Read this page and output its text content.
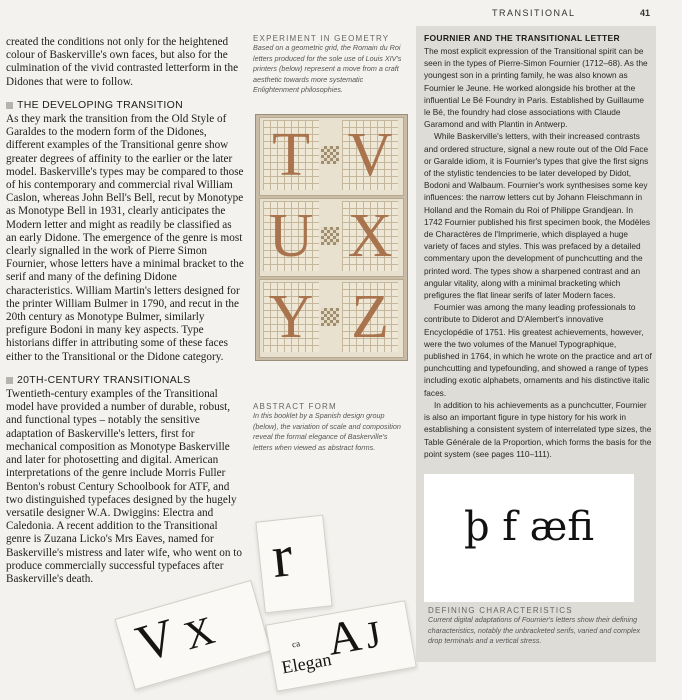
TRANSITIONAL	41

created the conditions not only for the heightened colour of Baskerville's own faces, but also for the culmination of the vivid contrasted letterform in the Didones that were to follow.

THE DEVELOPING TRANSITION

As they mark the transition from the Old Style of Garaldes to the modern form of the Didones, different examples of the Transitional genre show greater degrees of affinity to the earlier or the later model. Baskerville's types may be compared to those of his contemporary and commercial rival William Caslon, whereas John Bell's Bell, recut by Monotype as Monotype Bell in 1931, clearly anticipates the Modern letter and might as readily be classified as an early Didone. The emergence of the genre is most clearly signalled in the work of Pierre Simon Fournier, whose letters have a minimal bracket to the serif and many of the defining Didone characteristics. William Martin's letters designed for the printer William Bulmer in 1790, and recut in the 20th century as Monotype Bulmer, similarly prefigure Bodoni in many key aspects. Type historians differ in attributing some of these faces either to the Transitional or the Didone category.

20TH-CENTURY TRANSITIONALS

Twentieth-century examples of the Transitional model have provided a number of durable, robust, and functional types – notably the sensitive adaptation of Baskerville's letters, first for mechanical composition as Monotype Baskerville and later for photosetting and digital. American interpretations of the genre include Morris Fuller Benton's robust Century Schoolbook for ATF, and two distinguished typefaces designed by the hugely versatile designer W.A. Dwiggins: Electra and Caledonia. A recent addition to the Transitional genre is Zuzana Licko's Mrs Eaves, named for Baskerville's mistress and later wife, who went on to produce commercially successful typefaces after Baskerville's death.

EXPERIMENT IN GEOMETRY
Based on a geometric grid, the Romain du Roi letters produced for the sole use of Louis XIV's printers (below) represent a move from a craft aesthetic towards more systematic Enlightenment philosophies.
T V
U X
Y Z
ABSTRACT FORM
In this booklet by a Spanish design group (below), the variation of scale and composition reveal the formal elegance of Baskerville's letters when viewed as abstract forms.
V
X
r
A
J
Elegan
ca
FOURNIER AND THE TRANSITIONAL LETTER

The most explicit expression of the Transitional spirit can be seen in the types of Pierre-Simon Fournier (1712–68). As the youngest son in a printing family, he was also known as Fournier le Jeune. He worked alongside his brother at the influential Le Bé Foundry in Paris. Established by Guillaume le Bé, the foundry had close associations with Claude Garamond and with Plantin in Antwerp.

While Baskerville's letters, with their increased contrasts and ordered structure, signal a new route out of the Old Face or Garalde idiom, it is Fournier's types that give the first signs of the stylistic tendencies to be later developed by Didot, Bodoni and Walbaum. Fournier's work synthesises some key influences: the narrow letters cut by Johann Fleischmann in Holland and the Romain du Roi of Philippe Grandjean. In 1742 Fournier published his first specimen book, the Modèles de Charactères de l'Imprimerie, which displayed a huge variety of faces and styles. This was prefaced by a detailed commentary upon the development of punchcutting and the printed word. The types show a sharpened contrast and an angular vitality, along with a minimal bracketing which prefigures the flat linear serifs of later Modern faces.

Fournier was among the many leading professionals to contribute to Diderot and D'Alembert's innovative Encyclopédie of 1751. His greatest achievements, however, were the two volumes of the Manuel Typographique, published in 1764, in which he wrote on the practice and art of punchcutting and typefounding, and showed a range of types including exotic alphabets, ornaments and his distinctive italic faces.

In addition to his achievements as a punchcutter, Fournier is also an important figure in type history for his work in establishing a consistent system of interrelated type sizes, the Table Générale de la Proportion, which forms the basis for the point system (see pages 110–111).

þ f æfi
DEFINING CHARACTERISTICS
Current digital adaptations of Fournier's letters show their defining characteristics, notably the unbracketed serifs, varied and complex drop terminals and a vertical stress.
